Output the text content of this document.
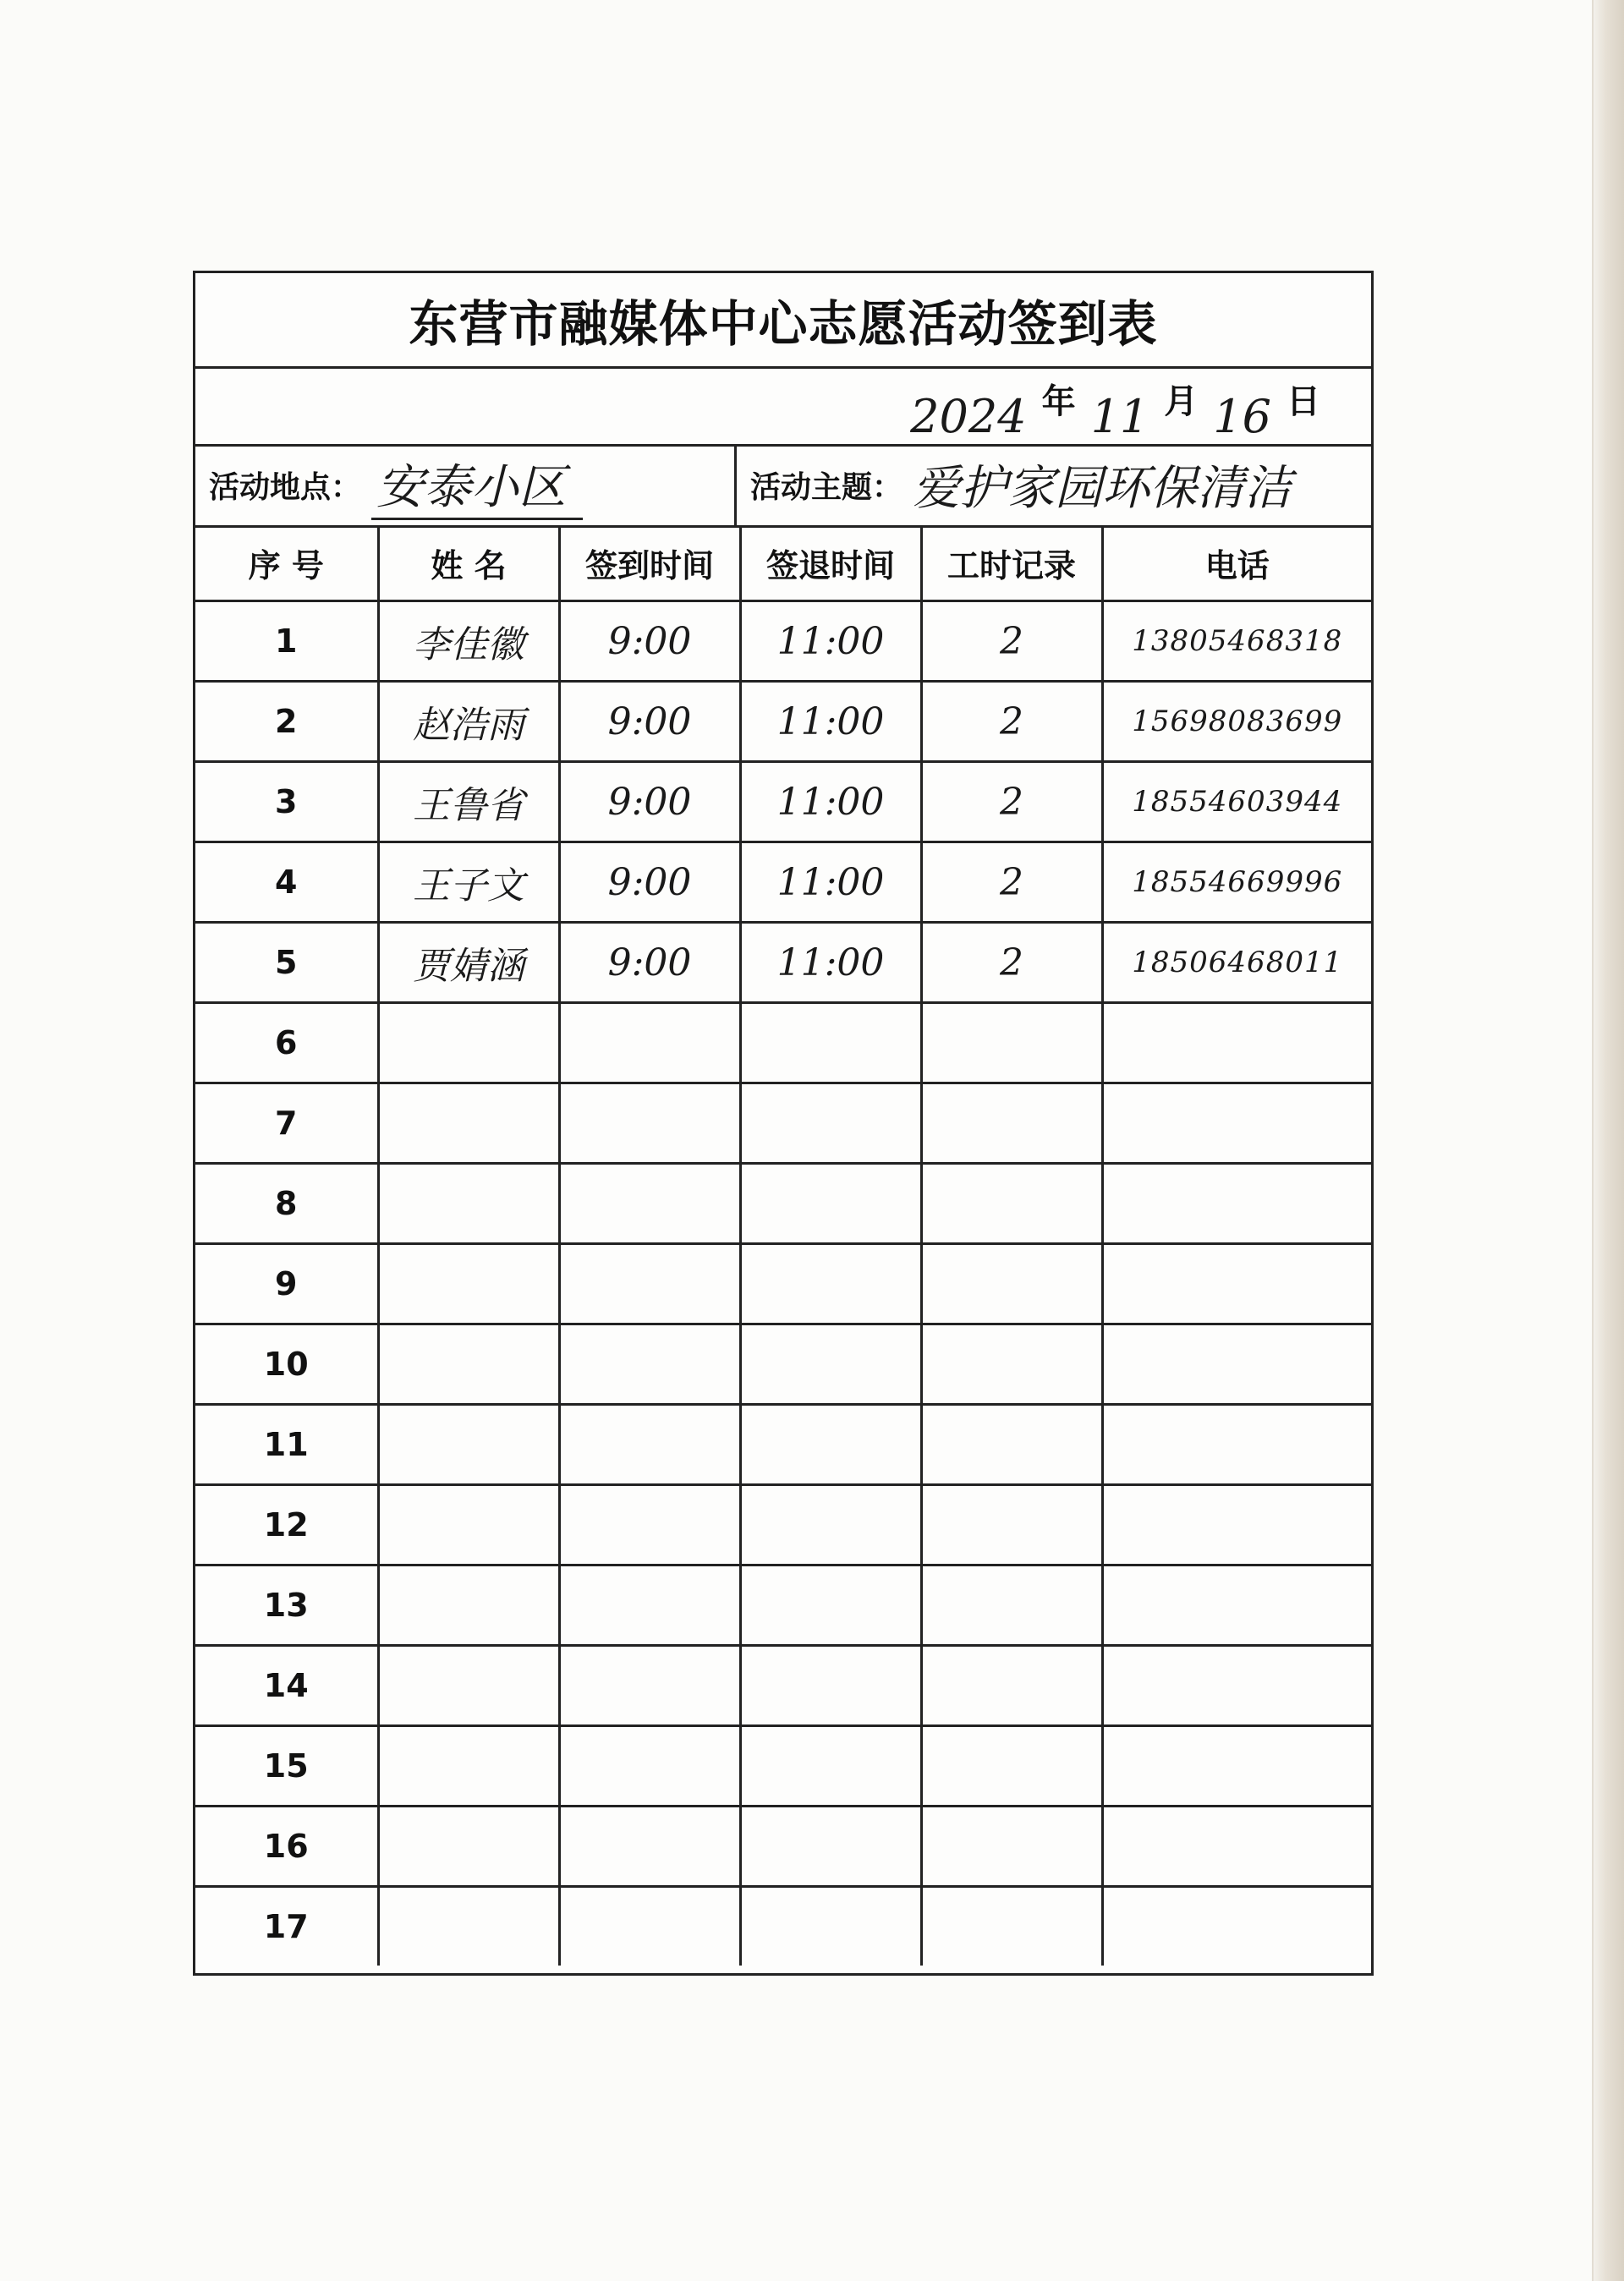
东营市融媒体中心志愿活动签到表
2024 年 11 月 16 日
活动地点： 安泰小区	活动主题： 爱护家园环保清洁
序 号	姓 名	签到时间	签退时间	工时记录	电话
1	李佳徽	9:00	11:00	2	13805468318
2	赵浩雨	9:00	11:00	2	15698083699
3	王鲁省	9:00	11:00	2	18554603944
4	王子文	9:00	11:00	2	18554669996
5	贾婧涵	9:00	11:00	2	18506468011
6					
7					
8					
9					
10					
11					
12					
13					
14					
15					
16					
17					
